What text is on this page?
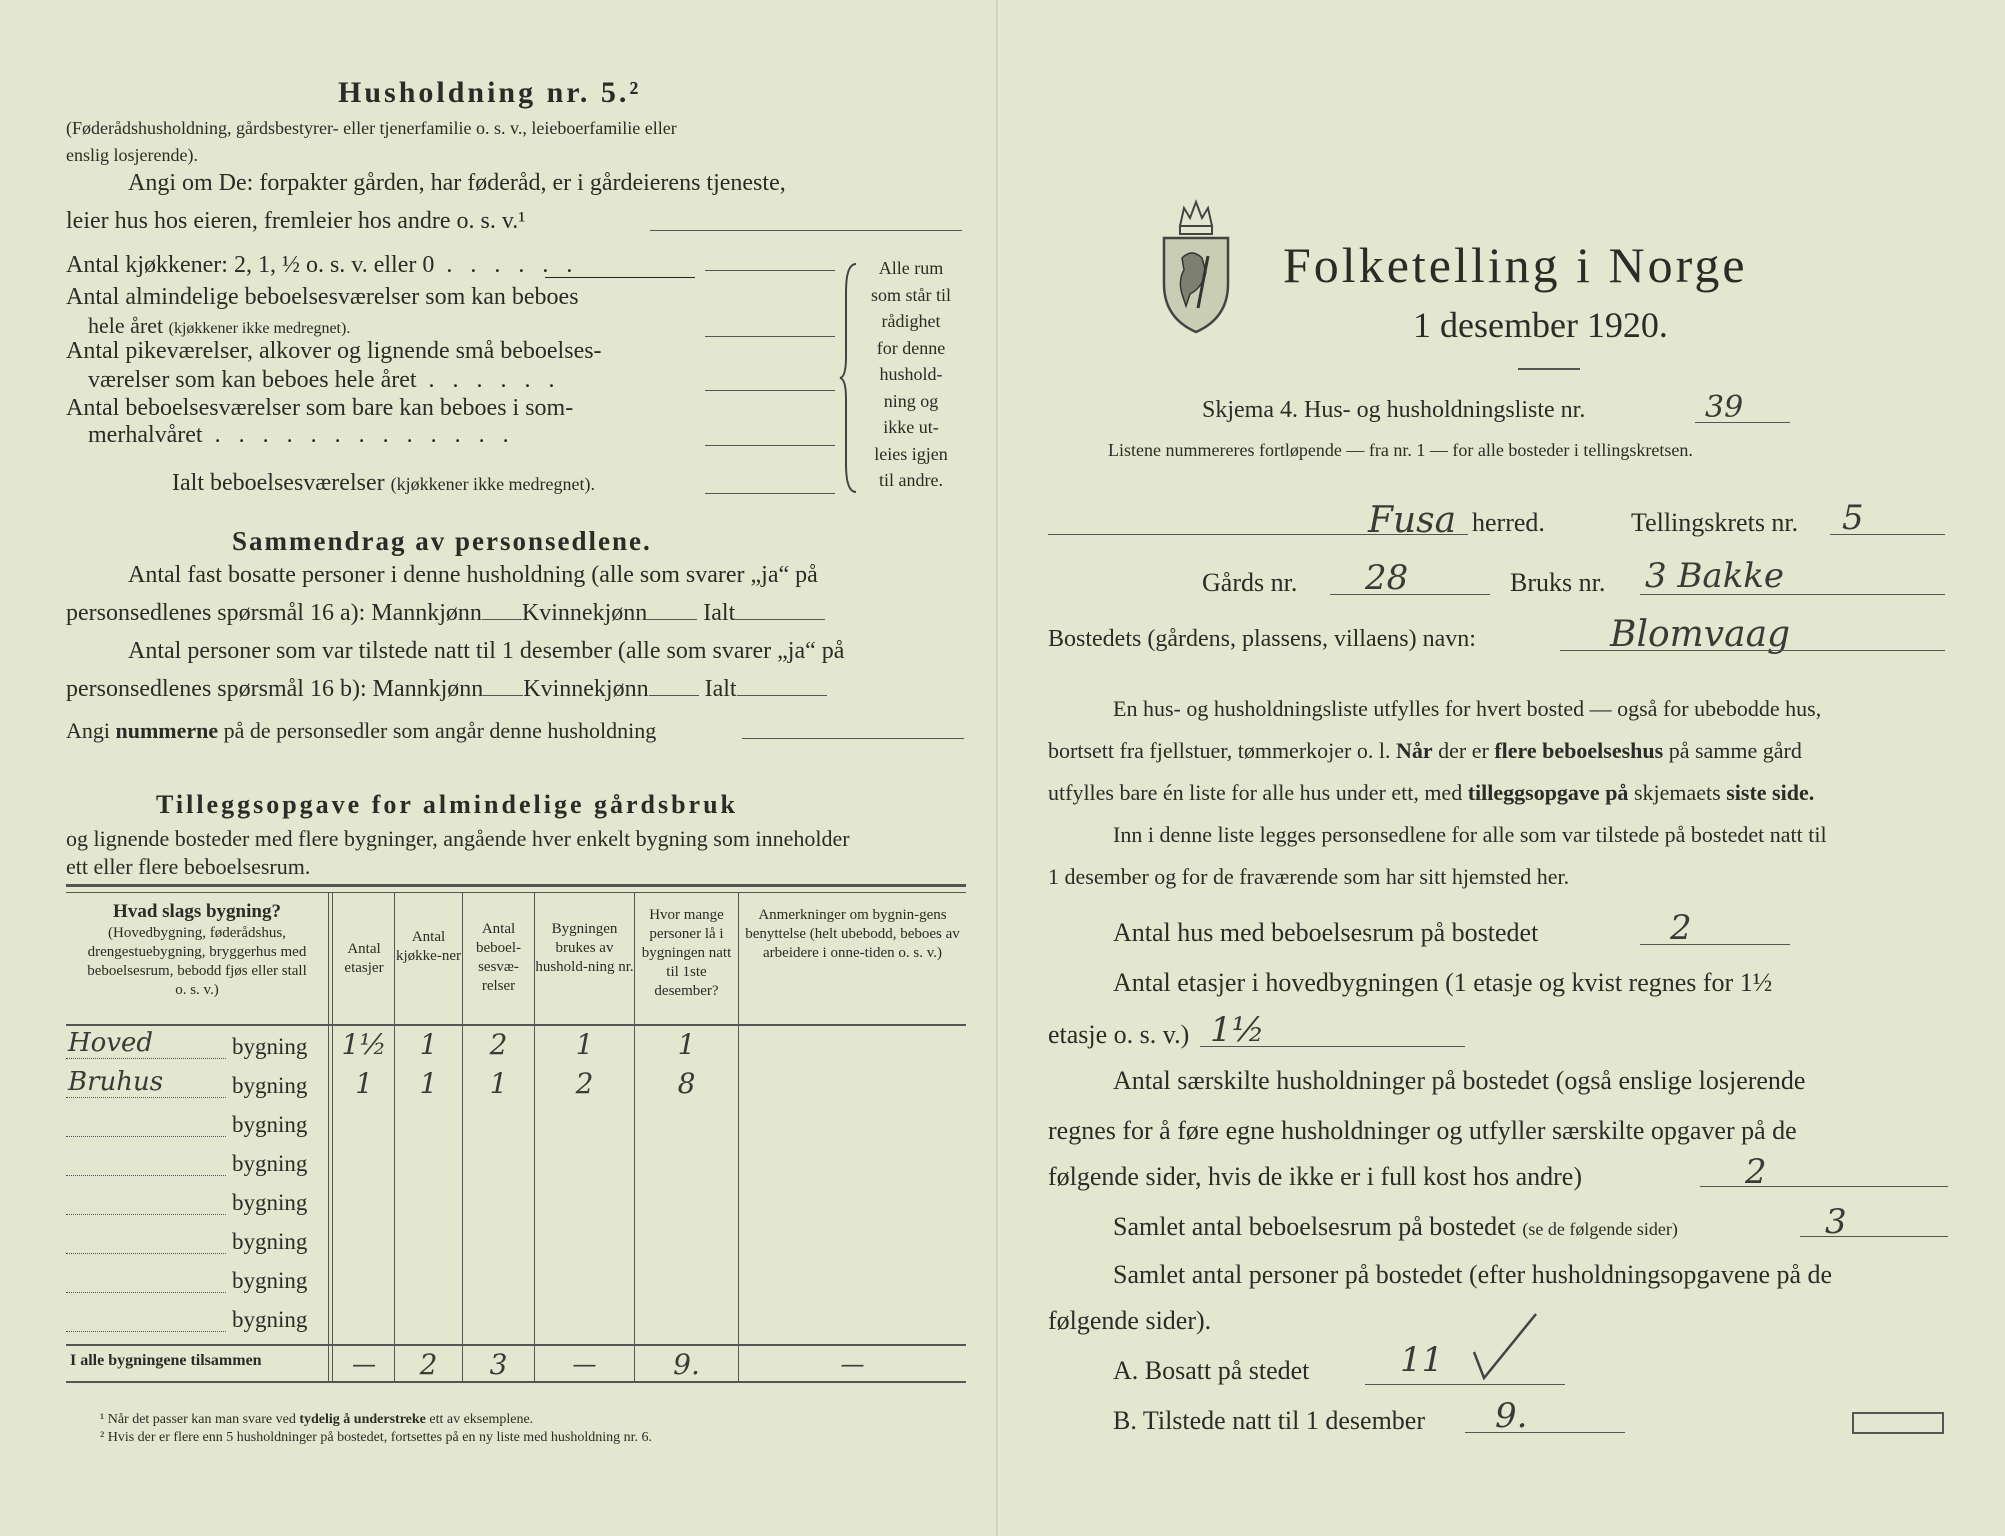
Husholdning nr. 5.²
(Føderådshusholdning, gårdsbestyrer- eller tjenerfamilie o. s. v., leieboerfamilie eller
enslig losjerende).
Angi om De: forpakter gården, har føderåd, er i gårdeierens tjeneste,
leier hus hos eieren, fremleier hos andre o. s. v.¹
Antal kjøkkener: 2, 1, ½ o. s. v. eller 0 . . . . . .
Antal almindelige beboelsesværelser som kan beboes
hele året (kjøkkener ikke medregnet).
Antal pikeværelser, alkover og lignende små beboelses-
værelser som kan beboes hele året . . . . . .
Antal beboelsesværelser som bare kan beboes i som-
merhalvåret . . . . . . . . . . . . .
Ialt beboelsesværelser (kjøkkener ikke medregnet).
Alle rum
som står til
rådighet
for denne
hushold-
ning og
ikke ut-
leies igjen
til andre.
Sammendrag av personsedlene.
Antal fast bosatte personer i denne husholdning (alle som svarer „ja“ på
personsedlenes spørsmål 16 a): Mannkjønn Kvinnekjønn Ialt
Antal personer som var tilstede natt til 1 desember (alle som svarer „ja“ på
personsedlenes spørsmål 16 b): Mannkjønn Kvinnekjønn Ialt
Angi nummerne på de personsedler som angår denne husholdning
Tilleggsopgave for almindelige gårdsbruk
og lignende bosteder med flere bygninger, angående hver enkelt bygning som inneholder
ett eller flere beboelsesrum.
Hvad slags bygning?
(Hovedbygning, føderådshus, drengestuebygning, bryggerhus med beboelsesrum, bebodd fjøs eller stall o. s. v.)
Antal etasjer
Antal kjøkke-ner
Antal beboel-sesvæ-relser
Bygningen brukes av hushold-ning nr.
Hvor mange personer lå i bygningen natt til 1ste desember?
Anmerkninger om bygnin-gens benyttelse (helt ubebodd, beboes av arbeidere i onne-tiden o. s. v.)
Hoved	bygning	1½	1	2	1	1
Bruhus	bygning	1	1	1	2	8
bygning
bygning
bygning
bygning
bygning
bygning
I alle bygningene tilsammen	—	2	3	—	9.	—
¹ Når det passer kan man svare ved tydelig å understreke ett av eksemplene.
² Hvis der er flere enn 5 husholdninger på bostedet, fortsettes på en ny liste med husholdning nr. 6.
Folketelling i Norge
1 desember 1920.
Skjema 4. Hus- og husholdningsliste nr.	39
Listene nummereres fortløpende — fra nr. 1 — for alle bosteder i tellingskretsen.
Fusa herred.	Tellingskrets nr. 5
Gårds nr. 28	Bruks nr. 3 Bakke
Bostedets (gårdens, plassens, villaens) navn:	Blomvaag
En hus- og husholdningsliste utfylles for hvert bosted — også for ubebodde hus,
bortsett fra fjellstuer, tømmerkojer o. l. Når der er flere beboelseshus på samme gård
utfylles bare én liste for alle hus under ett, med tilleggsopgave på skjemaets siste side.
Inn i denne liste legges personsedlene for alle som var tilstede på bostedet natt til
1 desember og for de fraværende som har sitt hjemsted her.
Antal hus med beboelsesrum på bostedet	2
Antal etasjer i hovedbygningen (1 etasje og kvist regnes for 1½
etasje o. s. v.) 1½
Antal særskilte husholdninger på bostedet (også enslige losjerende
regnes for å føre egne husholdninger og utfyller særskilte opgaver på de
følgende sider, hvis de ikke er i full kost hos andre)	2
Samlet antal beboelsesrum på bostedet (se de følgende sider)	3
Samlet antal personer på bostedet (efter husholdningsopgavene på de
følgende sider).
A. Bosatt på stedet	11
B. Tilstede natt til 1 desember 9.
